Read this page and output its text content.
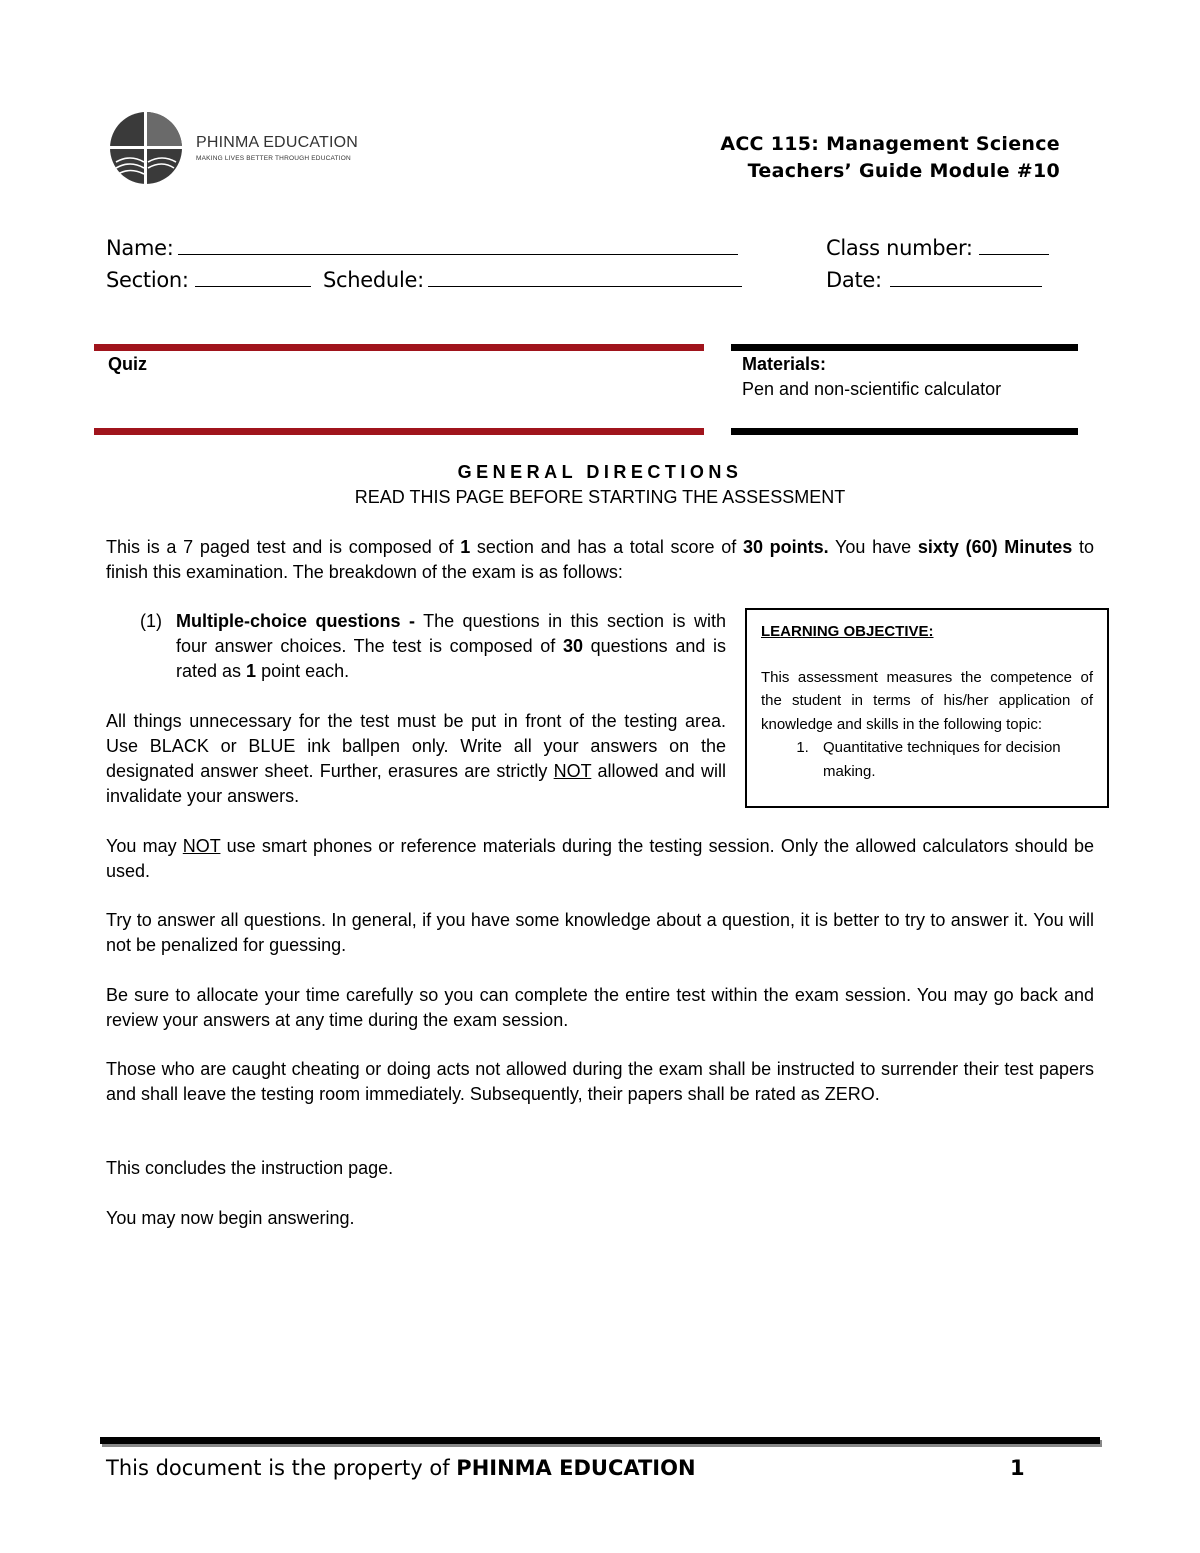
PHINMA EDUCATION
MAKING LIVES BETTER THROUGH EDUCATION
ACC 115: Management Science
Teachers’ Guide Module #10
Name:	Class number:
Section:	Schedule:	Date:
Quiz	Materials:
Pen and non-scientific calculator
GENERAL DIRECTIONS
READ THIS PAGE BEFORE STARTING THE ASSESSMENT
This is a 7 paged test and is composed of 1 section and has a total score of 30 points. You have sixty (60) Minutes to finish this examination. The breakdown of the exam is as follows:
(1) Multiple-choice questions - The questions in this section is with four answer choices. The test is composed of 30 questions and is rated as 1 point each.
All things unnecessary for the test must be put in front of the testing area. Use BLACK or BLUE ink ballpen only. Write all your answers on the designated answer sheet. Further, erasures are strictly NOT allowed and will invalidate your answers.
LEARNING OBJECTIVE:
This assessment measures the competence of the student in terms of his/her application of knowledge and skills in the following topic:
1. Quantitative techniques for decision making.
You may NOT use smart phones or reference materials during the testing session. Only the allowed calculators should be used.
Try to answer all questions. In general, if you have some knowledge about a question, it is better to try to answer it. You will not be penalized for guessing.
Be sure to allocate your time carefully so you can complete the entire test within the exam session. You may go back and review your answers at any time during the exam session.
Those who are caught cheating or doing acts not allowed during the exam shall be instructed to surrender their test papers and shall leave the testing room immediately. Subsequently, their papers shall be rated as ZERO.
This concludes the instruction page.
You may now begin answering.
This document is the property of PHINMA EDUCATION	1
